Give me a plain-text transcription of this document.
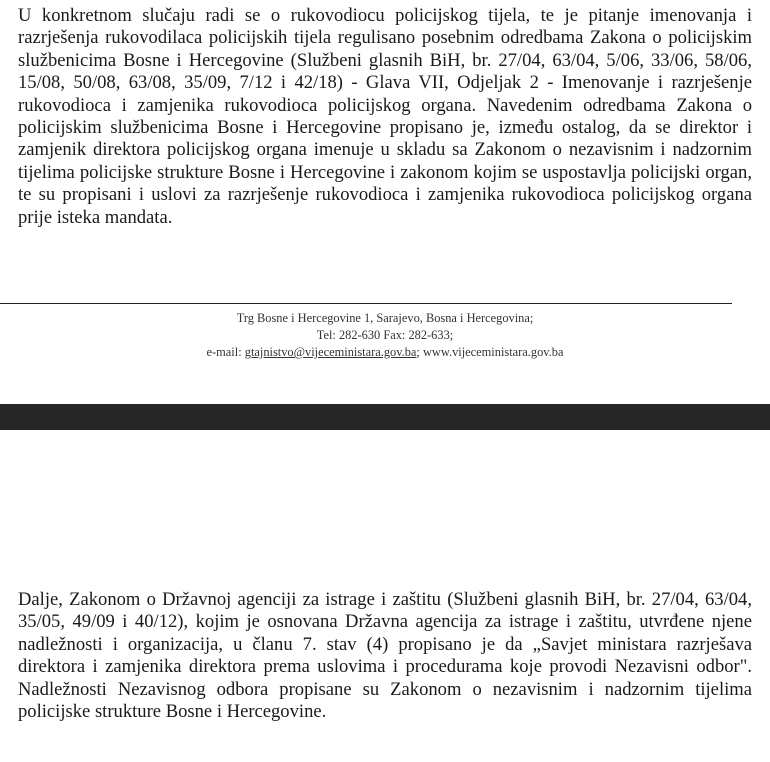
U konkretnom slučaju radi se o rukovodiocu policijskog tijela, te je pitanje imenovanja i razrješenja rukovodilaca policijskih tijela regulisano posebnim odredbama Zakona o policijskim službenicima Bosne i Hercegovine (Službeni glasnih BiH, br. 27/04, 63/04, 5/06, 33/06, 58/06, 15/08, 50/08, 63/08, 35/09, 7/12 i 42/18) - Glava VII, Odjeljak 2 - Imenovanje i razrješenje rukovodioca i zamjenika rukovodioca policijskog organa. Navedenim odredbama Zakona o policijskim službenicima Bosne i Hercegovine propisano je, između ostalog, da se direktor i zamjenik direktora policijskog organa imenuje u skladu sa Zakonom o nezavisnim i nadzornim tijelima policijske strukture Bosne i Hercegovine i zakonom kojim se uspostavlja policijski organ, te su propisani i uslovi za razrješenje rukovodioca i zamjenika rukovodioca policijskog organa prije isteka mandata.

Trg Bosne i Hercegovine 1, Sarajevo, Bosna i Hercegovina;
Tel: 282-630 Fax: 282-633;
e-mail: gtajnistvo@vijeceministara.gov.ba; www.vijeceministara.gov.ba

Dalje, Zakonom o Državnoj agenciji za istrage i zaštitu (Službeni glasnih BiH, br. 27/04, 63/04, 35/05, 49/09 i 40/12), kojim je osnovana Državna agencija za istrage i zaštitu, utvrđene njene nadležnosti i organizacija, u članu 7. stav (4) propisano je da „Savjet ministara razrješava direktora i zamjenika direktora prema uslovima i procedurama koje provodi Nezavisni odbor". Nadležnosti Nezavisnog odbora propisane su Zakonom o nezavisnim i nadzornim tijelima policijske strukture Bosne i Hercegovine.
